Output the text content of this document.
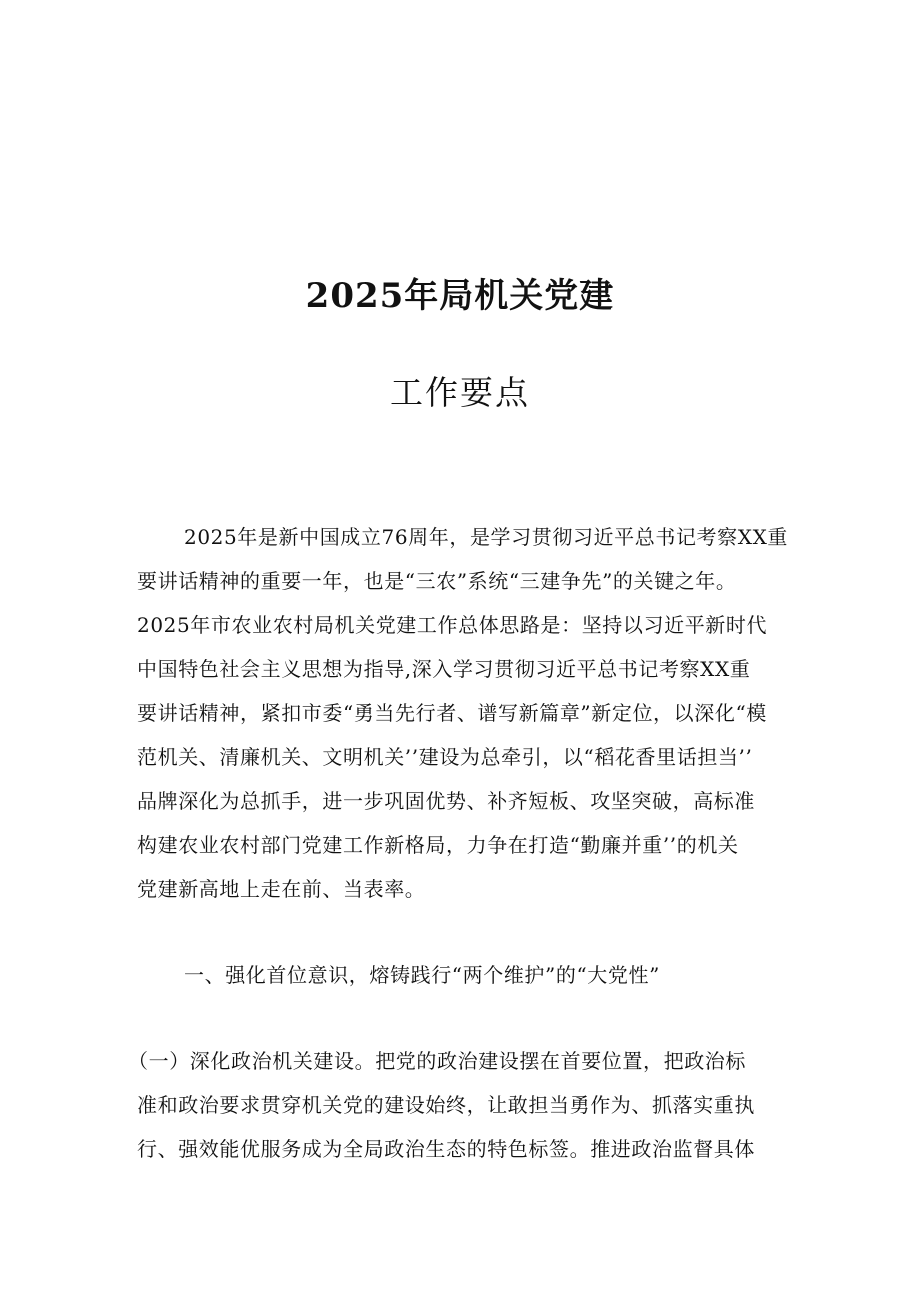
2025年局机关党建
工作要点
2025年是新中国成立76周年，是学习贯彻习近平总书记考察XX重
要讲话精神的重要一年，也是“三农”系统“三建争先”的关键之年。
2025年市农业农村局机关党建工作总体思路是：坚持以习近平新时代
中国特色社会主义思想为指导,深入学习贯彻习近平总书记考察XX重
要讲话精神，紧扣市委“勇当先行者、谱写新篇章”新定位，以深化“模
范机关、清廉机关、文明机关’’建设为总牵引，以“稻花香里话担当’’
品牌深化为总抓手，进一步巩固优势、补齐短板、攻坚突破，高标准
构建农业农村部门党建工作新格局，力争在打造“勤廉并重’’的机关
党建新高地上走在前、当表率。
一、强化首位意识，熔铸践行“两个维护”的“大党性”
（一）深化政治机关建设。把党的政治建设摆在首要位置，把政治标
准和政治要求贯穿机关党的建设始终，让敢担当勇作为、抓落实重执
行、强效能优服务成为全局政治生态的特色标签。推进政治监督具体
